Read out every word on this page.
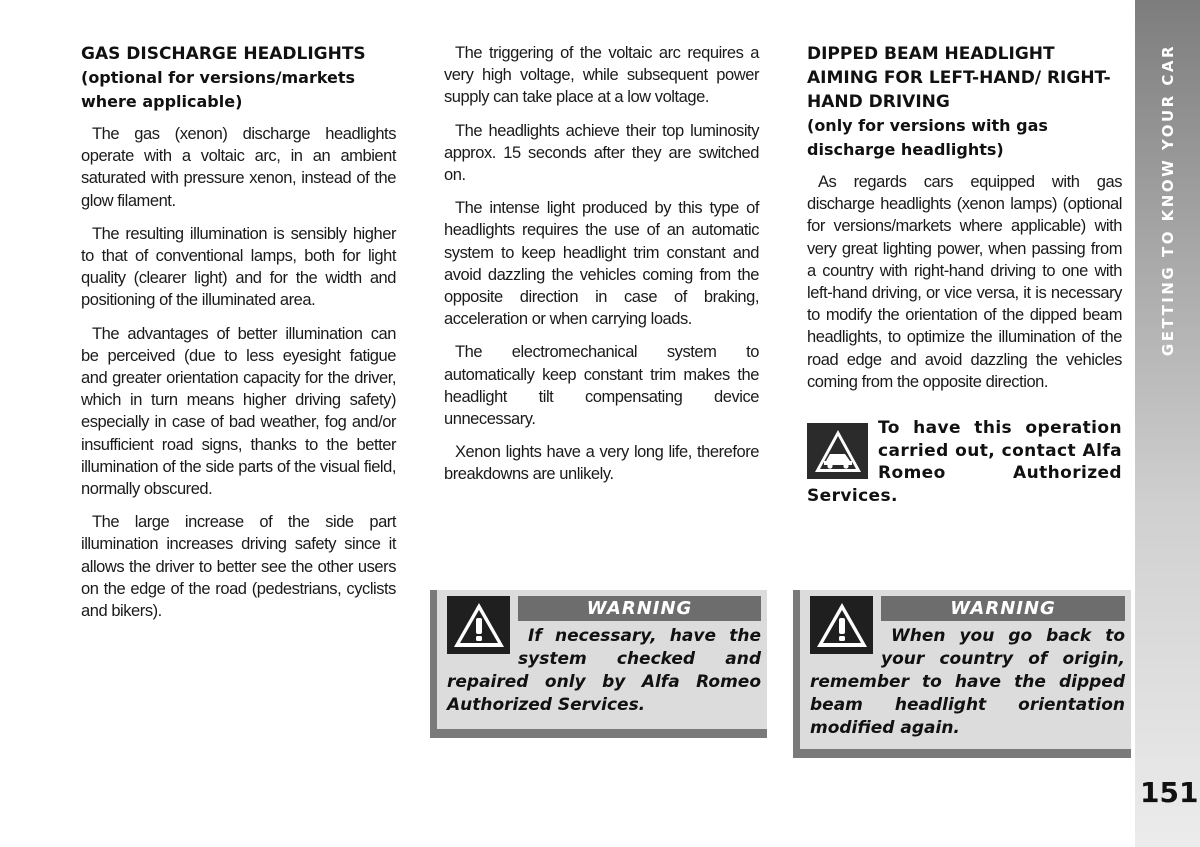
GAS DISCHARGE HEADLIGHTS
(optional for versions/markets where applicable)

The gas (xenon) discharge headlights operate with a voltaic arc, in an ambient saturated with pressure xenon, instead of the glow filament.

The resulting illumination is sensibly higher to that of conventional lamps, both for light quality (clearer light) and for the width and positioning of the illuminated area.

The advantages of better illumination can be perceived (due to less eyesight fatigue and greater orientation capacity for the driver, which in turn means higher driving safety) especially in case of bad weather, fog and/or insufficient road signs, thanks to the better illumination of the side parts of the visual field, normally obscured.

The large increase of the side part illumination increases driving safety since it allows the driver to better see the other users on the edge of the road (pedestrians, cyclists and bikers).

The triggering of the voltaic arc requires a very high voltage, while subsequent power supply can take place at a low voltage.

The headlights achieve their top luminosity approx. 15 seconds after they are switched on.

The intense light produced by this type of headlights requires the use of an automatic system to keep headlight trim constant and avoid dazzling the vehicles coming from the opposite direction in case of braking, acceleration or when carrying loads.

The electromechanical system to automatically keep constant trim makes the headlight tilt compensating device unnecessary.

Xenon lights have a very long life, therefore breakdowns are unlikely.

DIPPED BEAM HEADLIGHT AIMING FOR LEFT-HAND/ RIGHT-HAND DRIVING
(only for versions with gas discharge headlights)

As regards cars equipped with gas discharge headlights (xenon lamps) (optional for versions/markets where applicable) with very great lighting power, when passing from a country with right-hand driving to one with left-hand driving, or vice versa, it is necessary to modify the orientation of the dipped beam headlights, to optimize the illumination of the road edge and avoid dazzling the vehicles coming from the opposite direction.

To have this operation carried out, contact Alfa Romeo Authorized Services.
WARNING
If necessary, have the system checked and repaired only by Alfa Romeo Authorized Services.
WARNING
When you go back to your country of origin, remember to have the dipped beam headlight orientation modified again.
GETTING TO KNOW YOUR CAR
151
